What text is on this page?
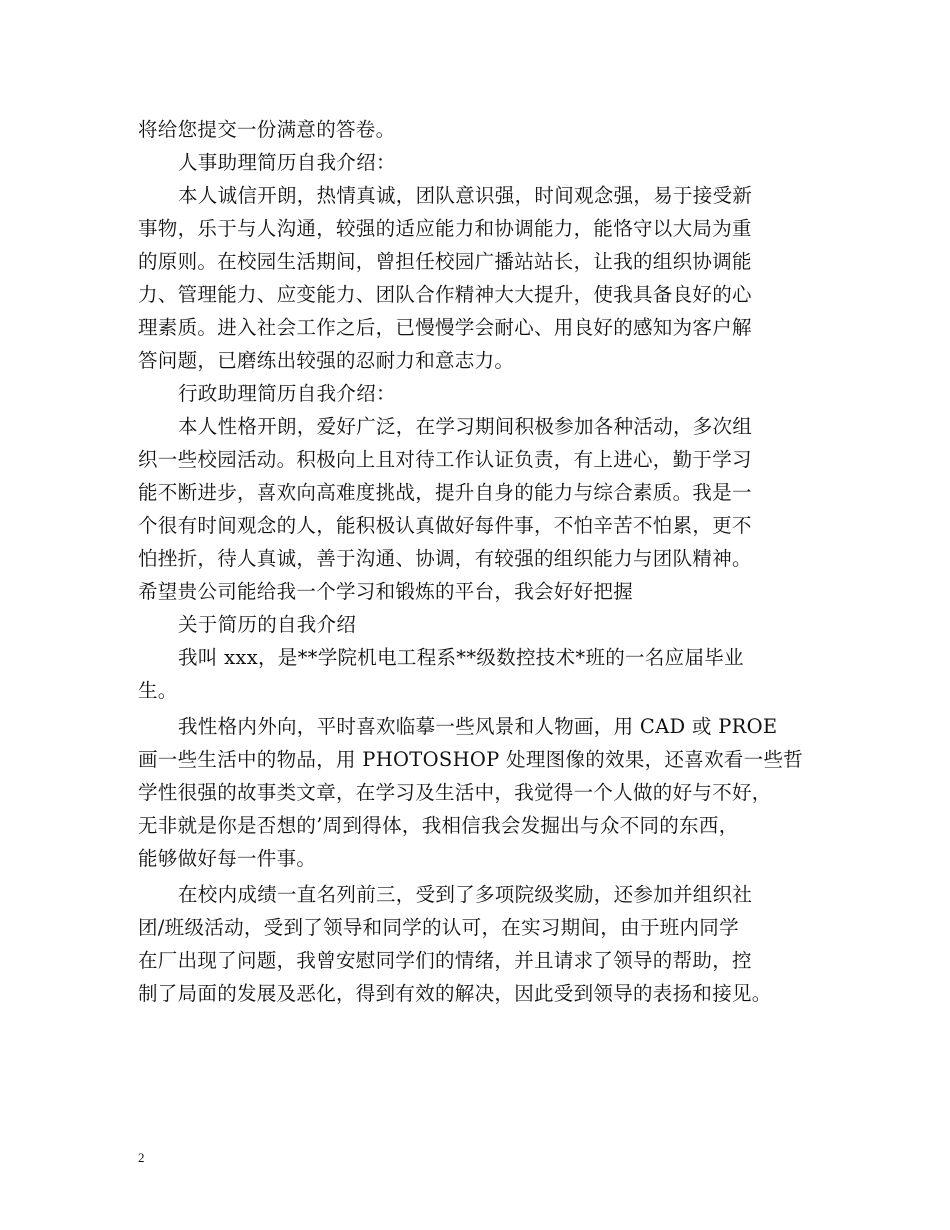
将给您提交一份满意的答卷。
人事助理简历自我介绍：
本人诚信开朗，热情真诚，团队意识强，时间观念强，易于接受新
事物，乐于与人沟通，较强的适应能力和协调能力，能恪守以大局为重
的原则。在校园生活期间，曾担任校园广播站站长，让我的组织协调能
力、管理能力、应变能力、团队合作精神大大提升，使我具备良好的心
理素质。进入社会工作之后，已慢慢学会耐心、用良好的感知为客户解
答问题，已磨练出较强的忍耐力和意志力。
行政助理简历自我介绍：
本人性格开朗，爱好广泛，在学习期间积极参加各种活动，多次组
织一些校园活动。积极向上且对待工作认证负责，有上进心，勤于学习
能不断进步，喜欢向高难度挑战，提升自身的能力与综合素质。我是一
个很有时间观念的人，能积极认真做好每件事，不怕辛苦不怕累，更不
怕挫折，待人真诚，善于沟通、协调，有较强的组织能力与团队精神。
希望贵公司能给我一个学习和锻炼的平台，我会好好把握
关于简历的自我介绍
我叫 xxx，是**学院机电工程系**级数控技术*班的一名应届毕业
生。
我性格内外向，平时喜欢临摹一些风景和人物画，用 CAD 或 PROE
画一些生活中的物品，用 PHOTOSHOP 处理图像的效果，还喜欢看一些哲
学性很强的故事类文章，在学习及生活中，我觉得一个人做的好与不好，
无非就是你是否想的’周到得体，我相信我会发掘出与众不同的东西，
能够做好每一件事。
在校内成绩一直名列前三，受到了多项院级奖励，还参加并组织社
团/班级活动，受到了领导和同学的认可，在实习期间，由于班内同学
在厂出现了问题，我曾安慰同学们的情绪，并且请求了领导的帮助，控
制了局面的发展及恶化，得到有效的解决，因此受到领导的表扬和接见。
2
